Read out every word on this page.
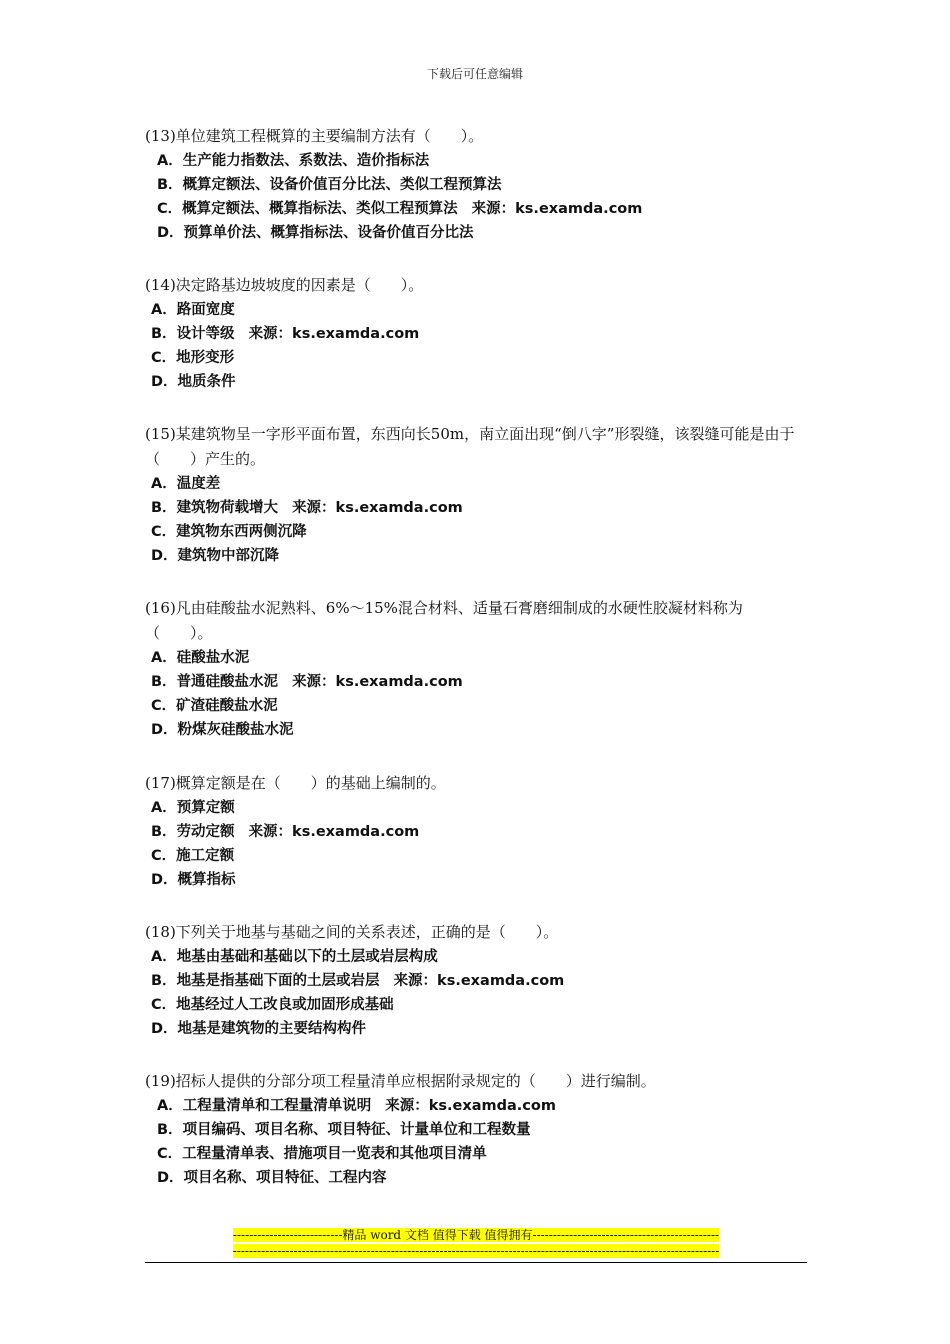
下载后可任意编辑

(13)单位建筑工程概算的主要编制方法有（　　）。

A．生产能力指数法、系数法、造价指标法

B．概算定额法、设备价值百分比法、类似工程预算法

C．概算定额法、概算指标法、类似工程预算法 来源：ks.examda.com

D．预算单价法、概算指标法、设备价值百分比法

(14)决定路基边坡坡度的因素是（　　）。

A．路面宽度

B．设计等级 来源：ks.examda.com

C．地形变形

D．地质条件

(15)某建筑物呈一字形平面布置，东西向长50m，南立面出现“倒八字”形裂缝，该裂缝可能是由于（　　）产生的。

A．温度差

B．建筑物荷载增大 来源：ks.examda.com

C．建筑物东西两侧沉降

D．建筑物中部沉降

(16)凡由硅酸盐水泥熟料、6%～15%混合材料、适量石膏磨细制成的水硬性胶凝材料称为（　　）。

A．硅酸盐水泥

B．普通硅酸盐水泥 来源：ks.examda.com

C．矿渣硅酸盐水泥

D．粉煤灰硅酸盐水泥

(17)概算定额是在（　　）的基础上编制的。

A．预算定额

B．劳动定额 来源：ks.examda.com

C．施工定额

D．概算指标

(18)下列关于地基与基础之间的关系表述，正确的是（　　）。

A．地基由基础和基础以下的土层或岩层构成

B．地基是指基础下面的土层或岩层 来源：ks.examda.com

C．地基经过人工改良或加固形成基础

D．地基是建筑物的主要结构构件

(19)招标人提供的分部分项工程量清单应根据附录规定的（　　）进行编制。

A．工程量清单和工程量清单说明 来源：ks.examda.com

B．项目编码、项目名称、项目特征、计量单位和工程数量

C．工程量清单表、措施项目一览表和其他项目清单

D．项目名称、项目特征、工程内容

---------------------------精品 word 文档 值得下载 值得拥有----------------------------------------------
------------------------------------------------------------------------------------------------------------------------
